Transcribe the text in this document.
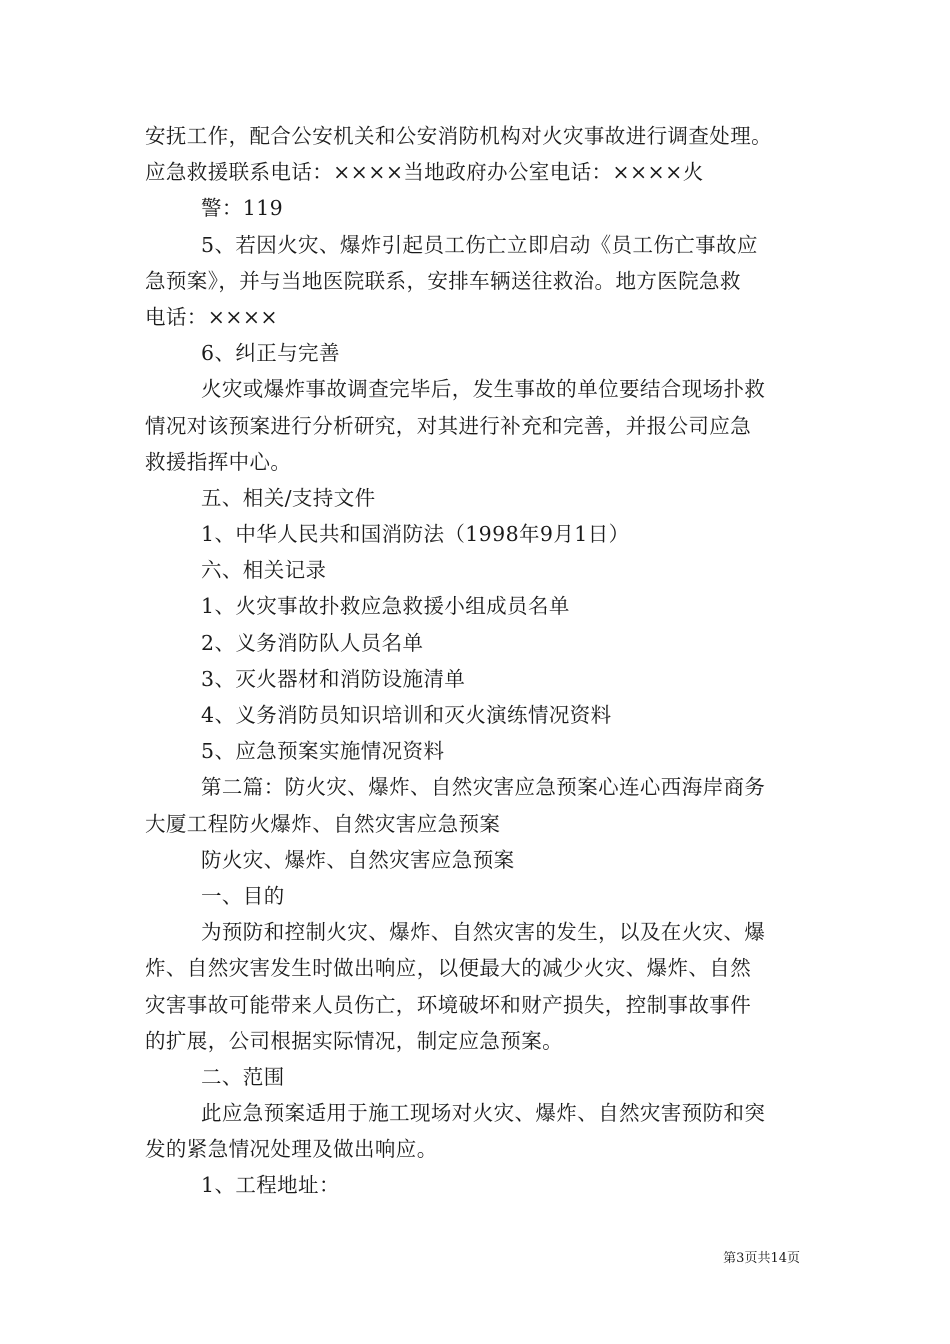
安抚工作，配合公安机关和公安消防机构对火灾事故进行调查处理。
应急救援联系电话：××××当地政府办公室电话：××××火
警：119
5、若因火灾、爆炸引起员工伤亡立即启动《员工伤亡事故应
急预案》，并与当地医院联系，安排车辆送往救治。地方医院急救
电话：××××
6、纠正与完善
火灾或爆炸事故调查完毕后，发生事故的单位要结合现场扑救
情况对该预案进行分析研究，对其进行补充和完善，并报公司应急
救援指挥中心。
五、相关/支持文件
1、中华人民共和国消防法（1998年9月1日）
六、相关记录
1、火灾事故扑救应急救援小组成员名单
2、义务消防队人员名单
3、灭火器材和消防设施清单
4、义务消防员知识培训和灭火演练情况资料
5、应急预案实施情况资料
第二篇：防火灾、爆炸、自然灾害应急预案心连心西海岸商务
大厦工程防火爆炸、自然灾害应急预案
防火灾、爆炸、自然灾害应急预案
一、目的
为预防和控制火灾、爆炸、自然灾害的发生，以及在火灾、爆
炸、自然灾害发生时做出响应，以便最大的减少火灾、爆炸、自然
灾害事故可能带来人员伤亡，环境破坏和财产损失，控制事故事件
的扩展，公司根据实际情况，制定应急预案。
二、范围
此应急预案适用于施工现场对火灾、爆炸、自然灾害预防和突
发的紧急情况处理及做出响应。
1、工程地址：
第3页共14页
